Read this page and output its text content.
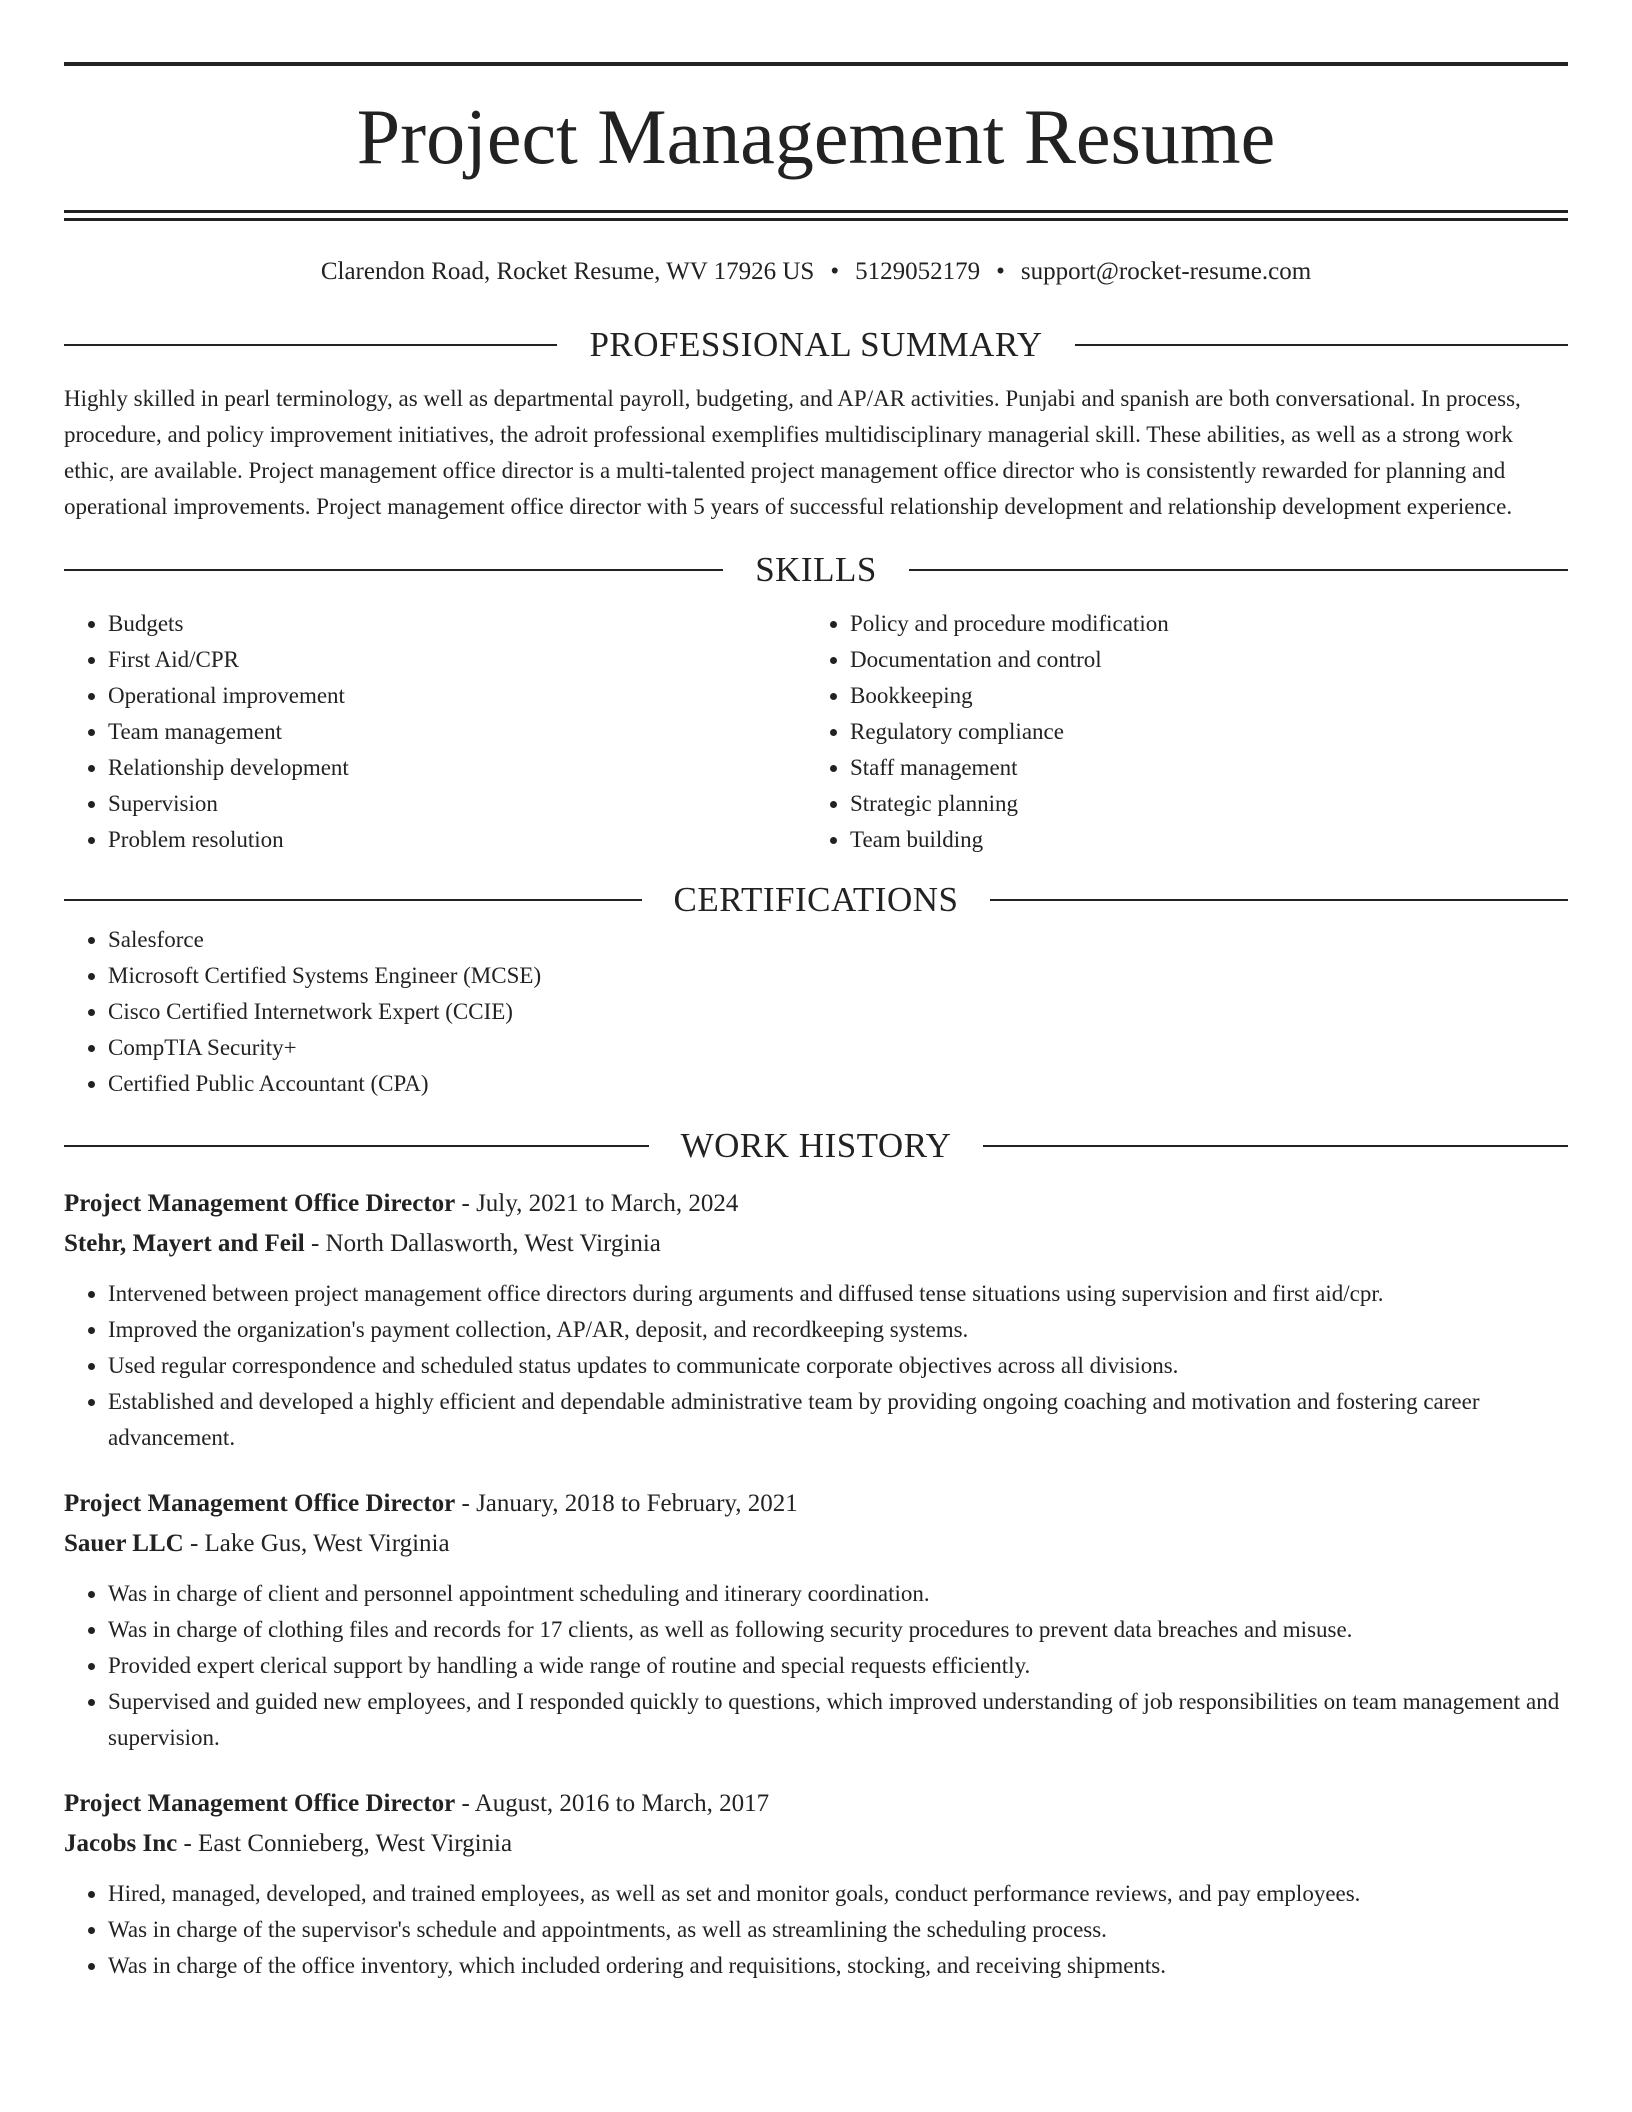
Project Management Resume
Clarendon Road, Rocket Resume, WV 17926 US • 5129052179 • support@rocket-resume.com
PROFESSIONAL SUMMARY

Highly skilled in pearl terminology, as well as departmental payroll, budgeting, and AP/AR activities. Punjabi and spanish are both conversational. In process, procedure, and policy improvement initiatives, the adroit professional exemplifies multidisciplinary managerial skill. These abilities, as well as a strong work ethic, are available. Project management office director is a multi-talented project management office director who is consistently rewarded for planning and operational improvements. Project management office director with 5 years of successful relationship development and relationship development experience.

SKILLS
• Budgets
• First Aid/CPR
• Operational improvement
• Team management
• Relationship development
• Supervision
• Problem resolution
• Policy and procedure modification
• Documentation and control
• Bookkeeping
• Regulatory compliance
• Staff management
• Strategic planning
• Team building
CERTIFICATIONS
• Salesforce
• Microsoft Certified Systems Engineer (MCSE)
• Cisco Certified Internetwork Expert (CCIE)
• CompTIA Security+
• Certified Public Accountant (CPA)
WORK HISTORY
Project Management Office Director - July, 2021 to March, 2024
Stehr, Mayert and Feil - North Dallasworth, West Virginia
• Intervened between project management office directors during arguments and diffused tense situations using supervision and first aid/cpr.
• Improved the organization's payment collection, AP/AR, deposit, and recordkeeping systems.
• Used regular correspondence and scheduled status updates to communicate corporate objectives across all divisions.
• Established and developed a highly efficient and dependable administrative team by providing ongoing coaching and motivation and fostering career advancement.
Project Management Office Director - January, 2018 to February, 2021
Sauer LLC - Lake Gus, West Virginia
• Was in charge of client and personnel appointment scheduling and itinerary coordination.
• Was in charge of clothing files and records for 17 clients, as well as following security procedures to prevent data breaches and misuse.
• Provided expert clerical support by handling a wide range of routine and special requests efficiently.
• Supervised and guided new employees, and I responded quickly to questions, which improved understanding of job responsibilities on team management and supervision.
Project Management Office Director - August, 2016 to March, 2017
Jacobs Inc - East Connieberg, West Virginia
• Hired, managed, developed, and trained employees, as well as set and monitor goals, conduct performance reviews, and pay employees.
• Was in charge of the supervisor's schedule and appointments, as well as streamlining the scheduling process.
• Was in charge of the office inventory, which included ordering and requisitions, stocking, and receiving shipments.
